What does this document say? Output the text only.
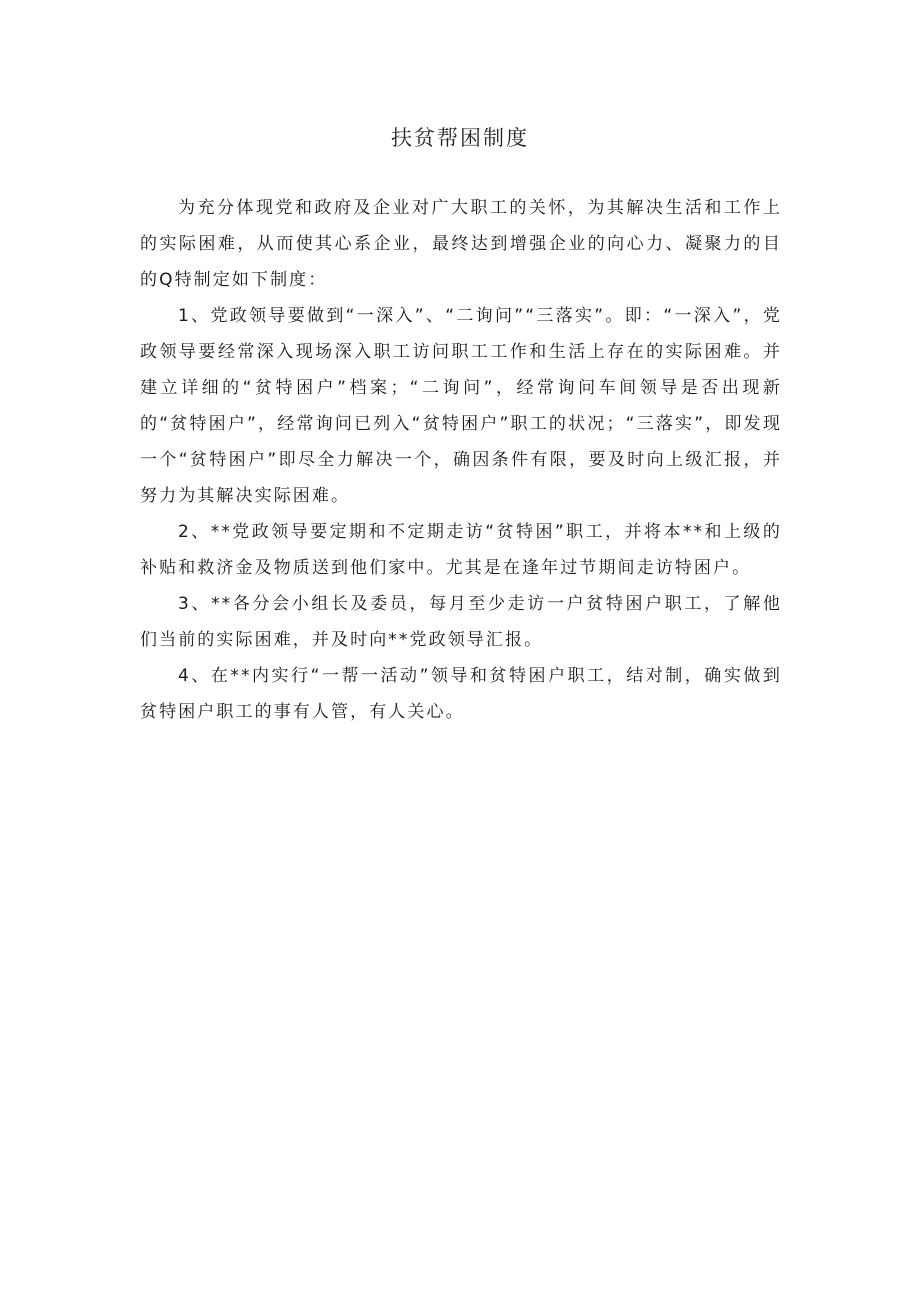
扶贫帮困制度

为充分体现党和政府及企业对广大职工的关怀，为其解决生活和工作上的实际困难，从而使其心系企业，最终达到增强企业的向心力、凝聚力的目的Q特制定如下制度：

1、党政领导要做到“一深入”、“二询问”“三落实”。即：“一深入”，党政领导要经常深入现场深入职工访问职工工作和生活上存在的实际困难。并建立详细的“贫特困户”档案；“二询问”，经常询问车间领导是否出现新的“贫特困户”，经常询问已列入“贫特困户”职工的状况；“三落实”，即发现一个“贫特困户”即尽全力解决一个，确因条件有限，要及时向上级汇报，并努力为其解决实际困难。

2、**党政领导要定期和不定期走访“贫特困”职工，并将本**和上级的补贴和救济金及物质送到他们家中。尤其是在逢年过节期间走访特困户。

3、**各分会小组长及委员，每月至少走访一户贫特困户职工，了解他们当前的实际困难，并及时向**党政领导汇报。

4、在**内实行“一帮一活动”领导和贫特困户职工，结对制，确实做到贫特困户职工的事有人管，有人关心。
